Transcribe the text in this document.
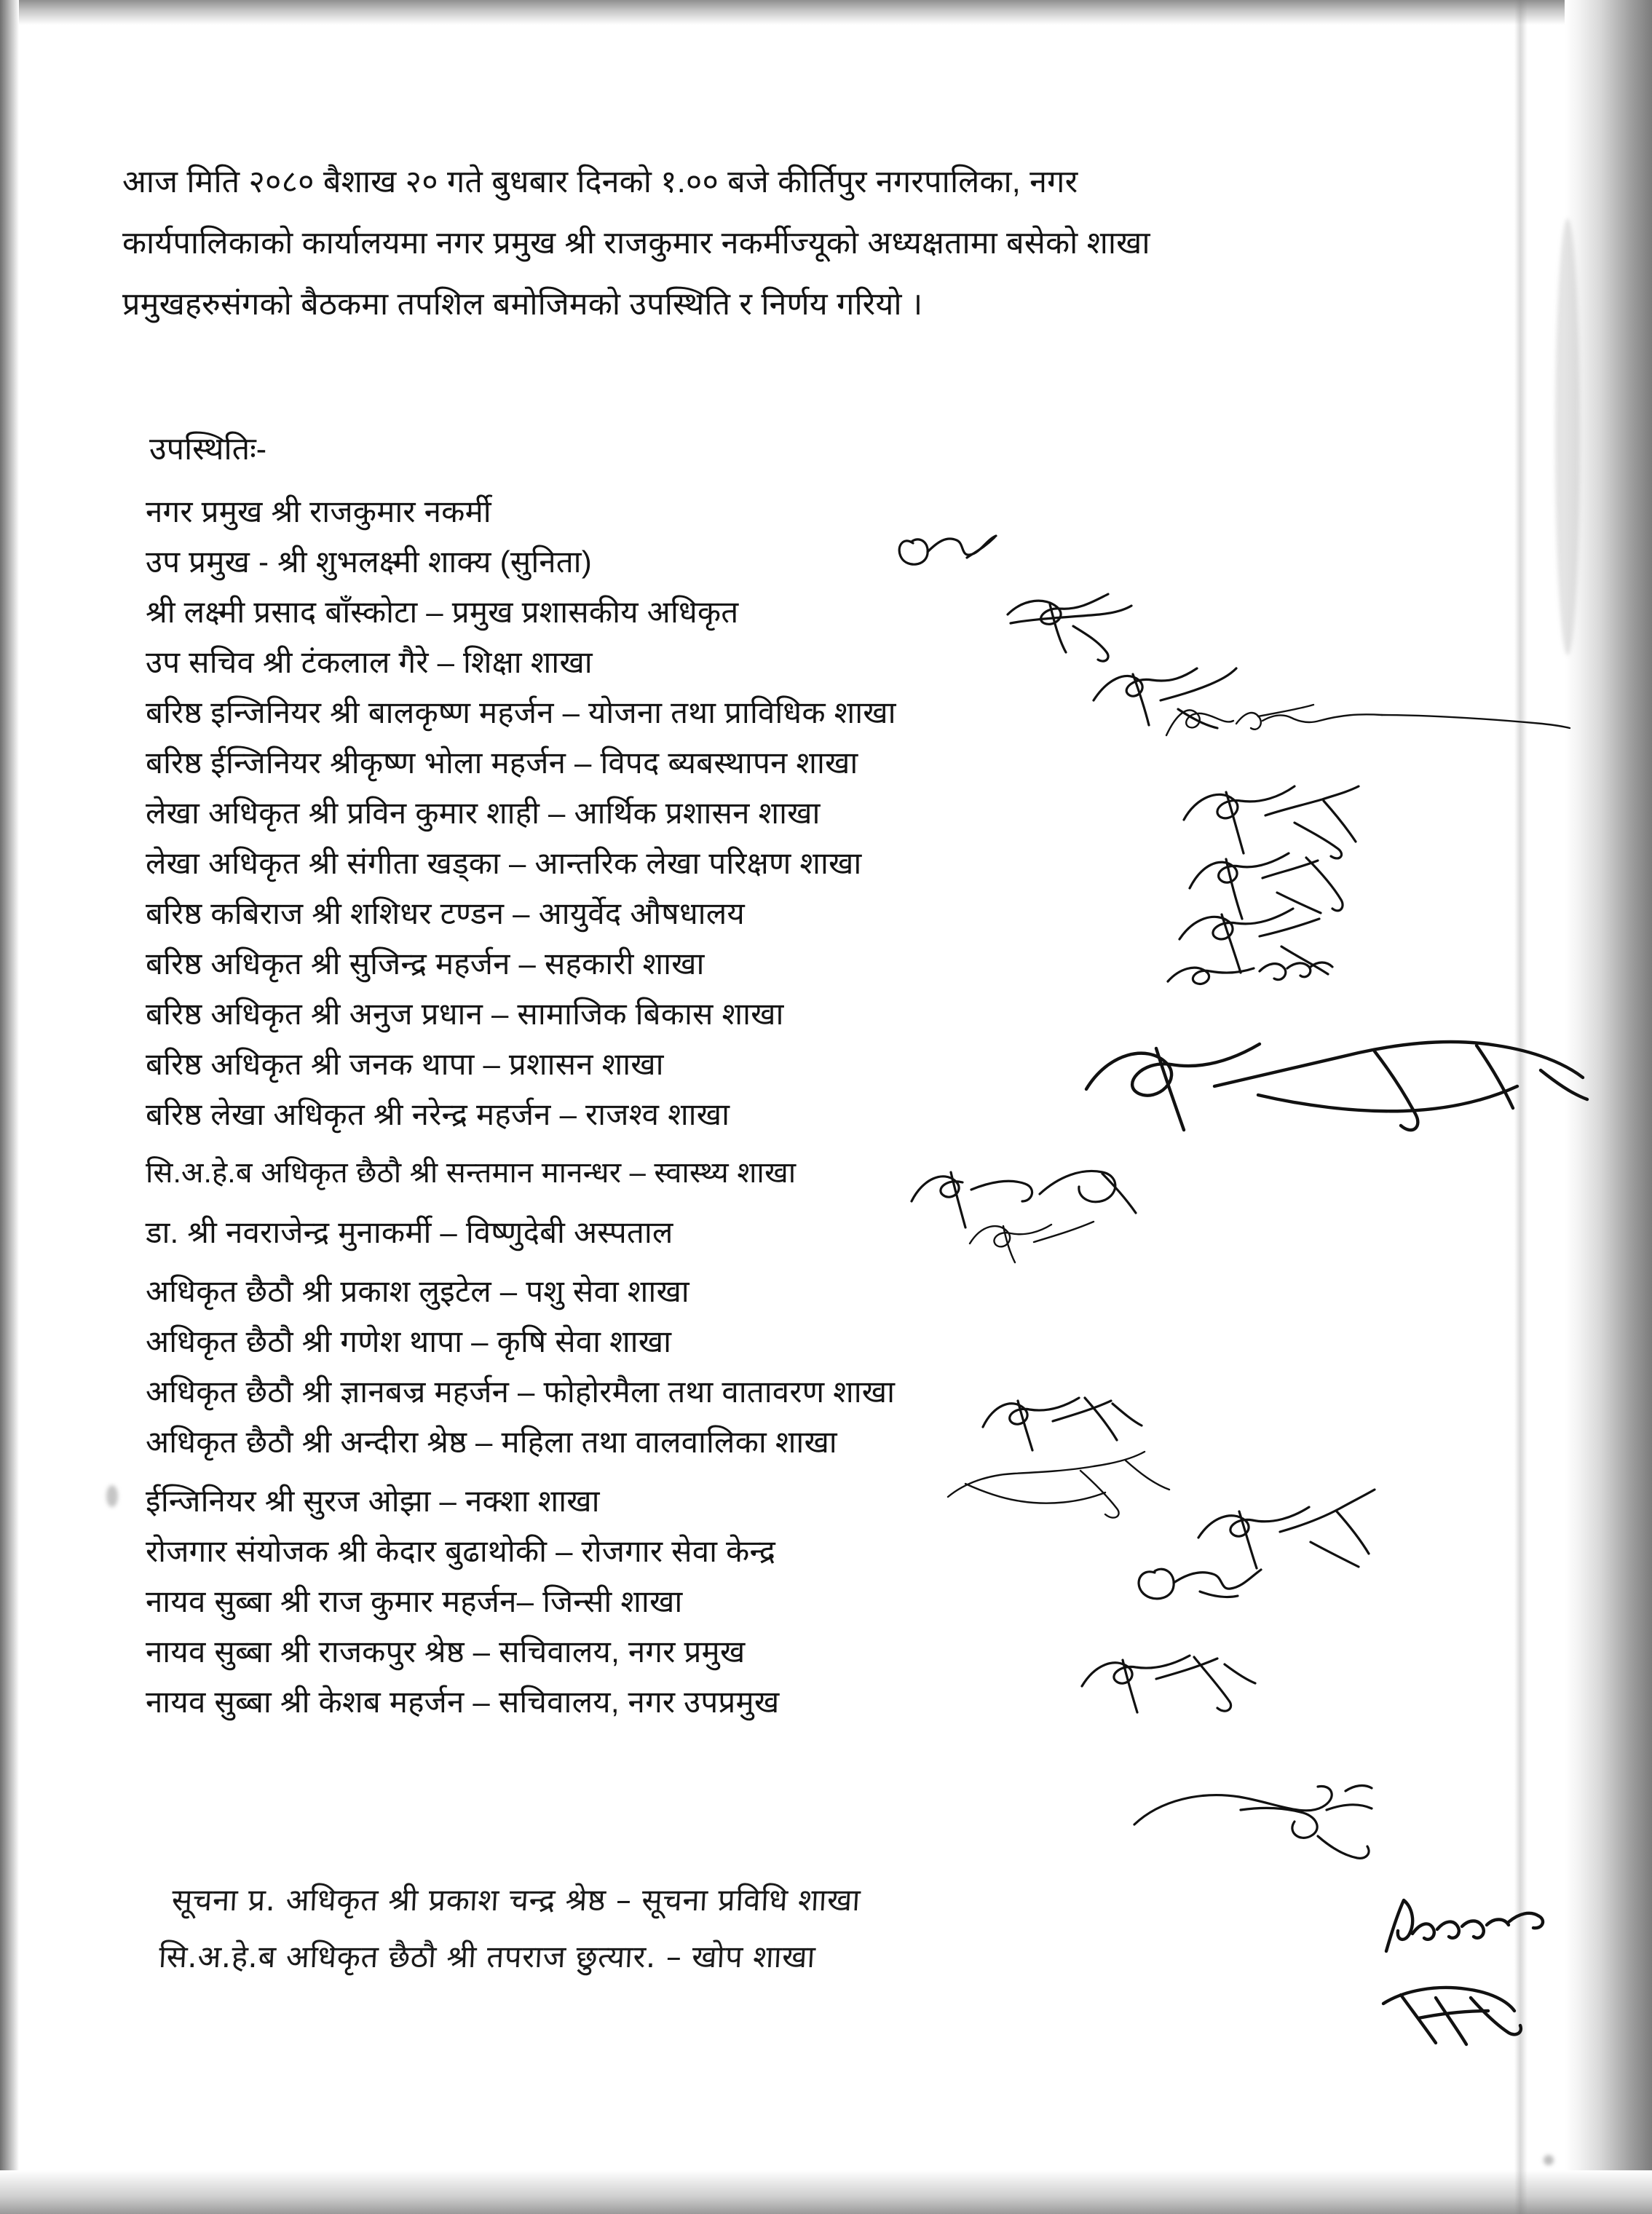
आज मिति २०८० बैशाख २० गते बुधबार दिनको १.०० बजे कीर्तिपुर नगरपालिका, नगर
कार्यपालिकाको कार्यालयमा नगर प्रमुख श्री राजकुमार नकर्मीज्यूको अध्यक्षतामा बसेको शाखा
प्रमुखहरुसंगको बैठकमा तपशिल बमोजिमको उपस्थिति र निर्णय गरियो ।
उपस्थितिः-
नगर प्रमुख श्री राजकुमार नकर्मी
उप प्रमुख - श्री शुभलक्ष्मी शाक्य (सुनिता)
श्री लक्ष्मी प्रसाद बाँस्कोटा – प्रमुख प्रशासकीय अधिकृत
उप सचिव श्री टंकलाल गैरे – शिक्षा शाखा
बरिष्ठ इन्जिनियर श्री बालकृष्ण महर्जन – योजना तथा प्राविधिक शाखा
बरिष्ठ ईन्जिनियर श्रीकृष्ण भोला महर्जन – विपद ब्यबस्थापन शाखा
लेखा अधिकृत श्री प्रविन कुमार शाही – आर्थिक प्रशासन शाखा
लेखा अधिकृत श्री संगीता खड्का – आन्तरिक लेखा परिक्षण शाखा
बरिष्ठ कबिराज श्री शशिधर टण्डन – आयुर्वेद औषधालय
बरिष्ठ अधिकृत श्री सुजिन्द्र महर्जन – सहकारी शाखा
बरिष्ठ अधिकृत श्री अनुज प्रधान – सामाजिक बिकास शाखा
बरिष्ठ अधिकृत श्री जनक थापा – प्रशासन शाखा
बरिष्ठ लेखा अधिकृत श्री नरेन्द्र महर्जन – राजश्व शाखा
सि.अ.हे.ब अधिकृत छैठौ श्री सन्तमान मानन्धर – स्वास्थ्य शाखा
डा. श्री नवराजेन्द्र मुनाकर्मी – विष्णुदेबी अस्पताल
अधिकृत छैठौ श्री प्रकाश लुइटेल – पशु सेवा शाखा
अधिकृत छैठौ श्री गणेश थापा – कृषि सेवा शाखा
अधिकृत छैठौ श्री ज्ञानबज्र महर्जन – फोहोरमैला तथा वातावरण शाखा
अधिकृत छैठौ श्री अन्दीरा श्रेष्ठ – महिला तथा वालवालिका शाखा
ईन्जिनियर श्री सुरज ओझा – नक्शा शाखा
रोजगार संयोजक श्री केदार बुढाथोकी – रोजगार सेवा केन्द्र
नायव सुब्बा श्री राज कुमार महर्जन– जिन्सी शाखा
नायव सुब्बा श्री राजकपुर श्रेष्ठ – सचिवालय, नगर प्रमुख
नायव सुब्बा श्री केशब महर्जन – सचिवालय, नगर उपप्रमुख
सूचना प्र. अधिकृत श्री प्रकाश चन्द्र श्रेष्ठ – सूचना प्रविधि शाखा
सि.अ.हे.ब अधिकृत छैठौ श्री तपराज छुत्यार. – खोप शाखा
